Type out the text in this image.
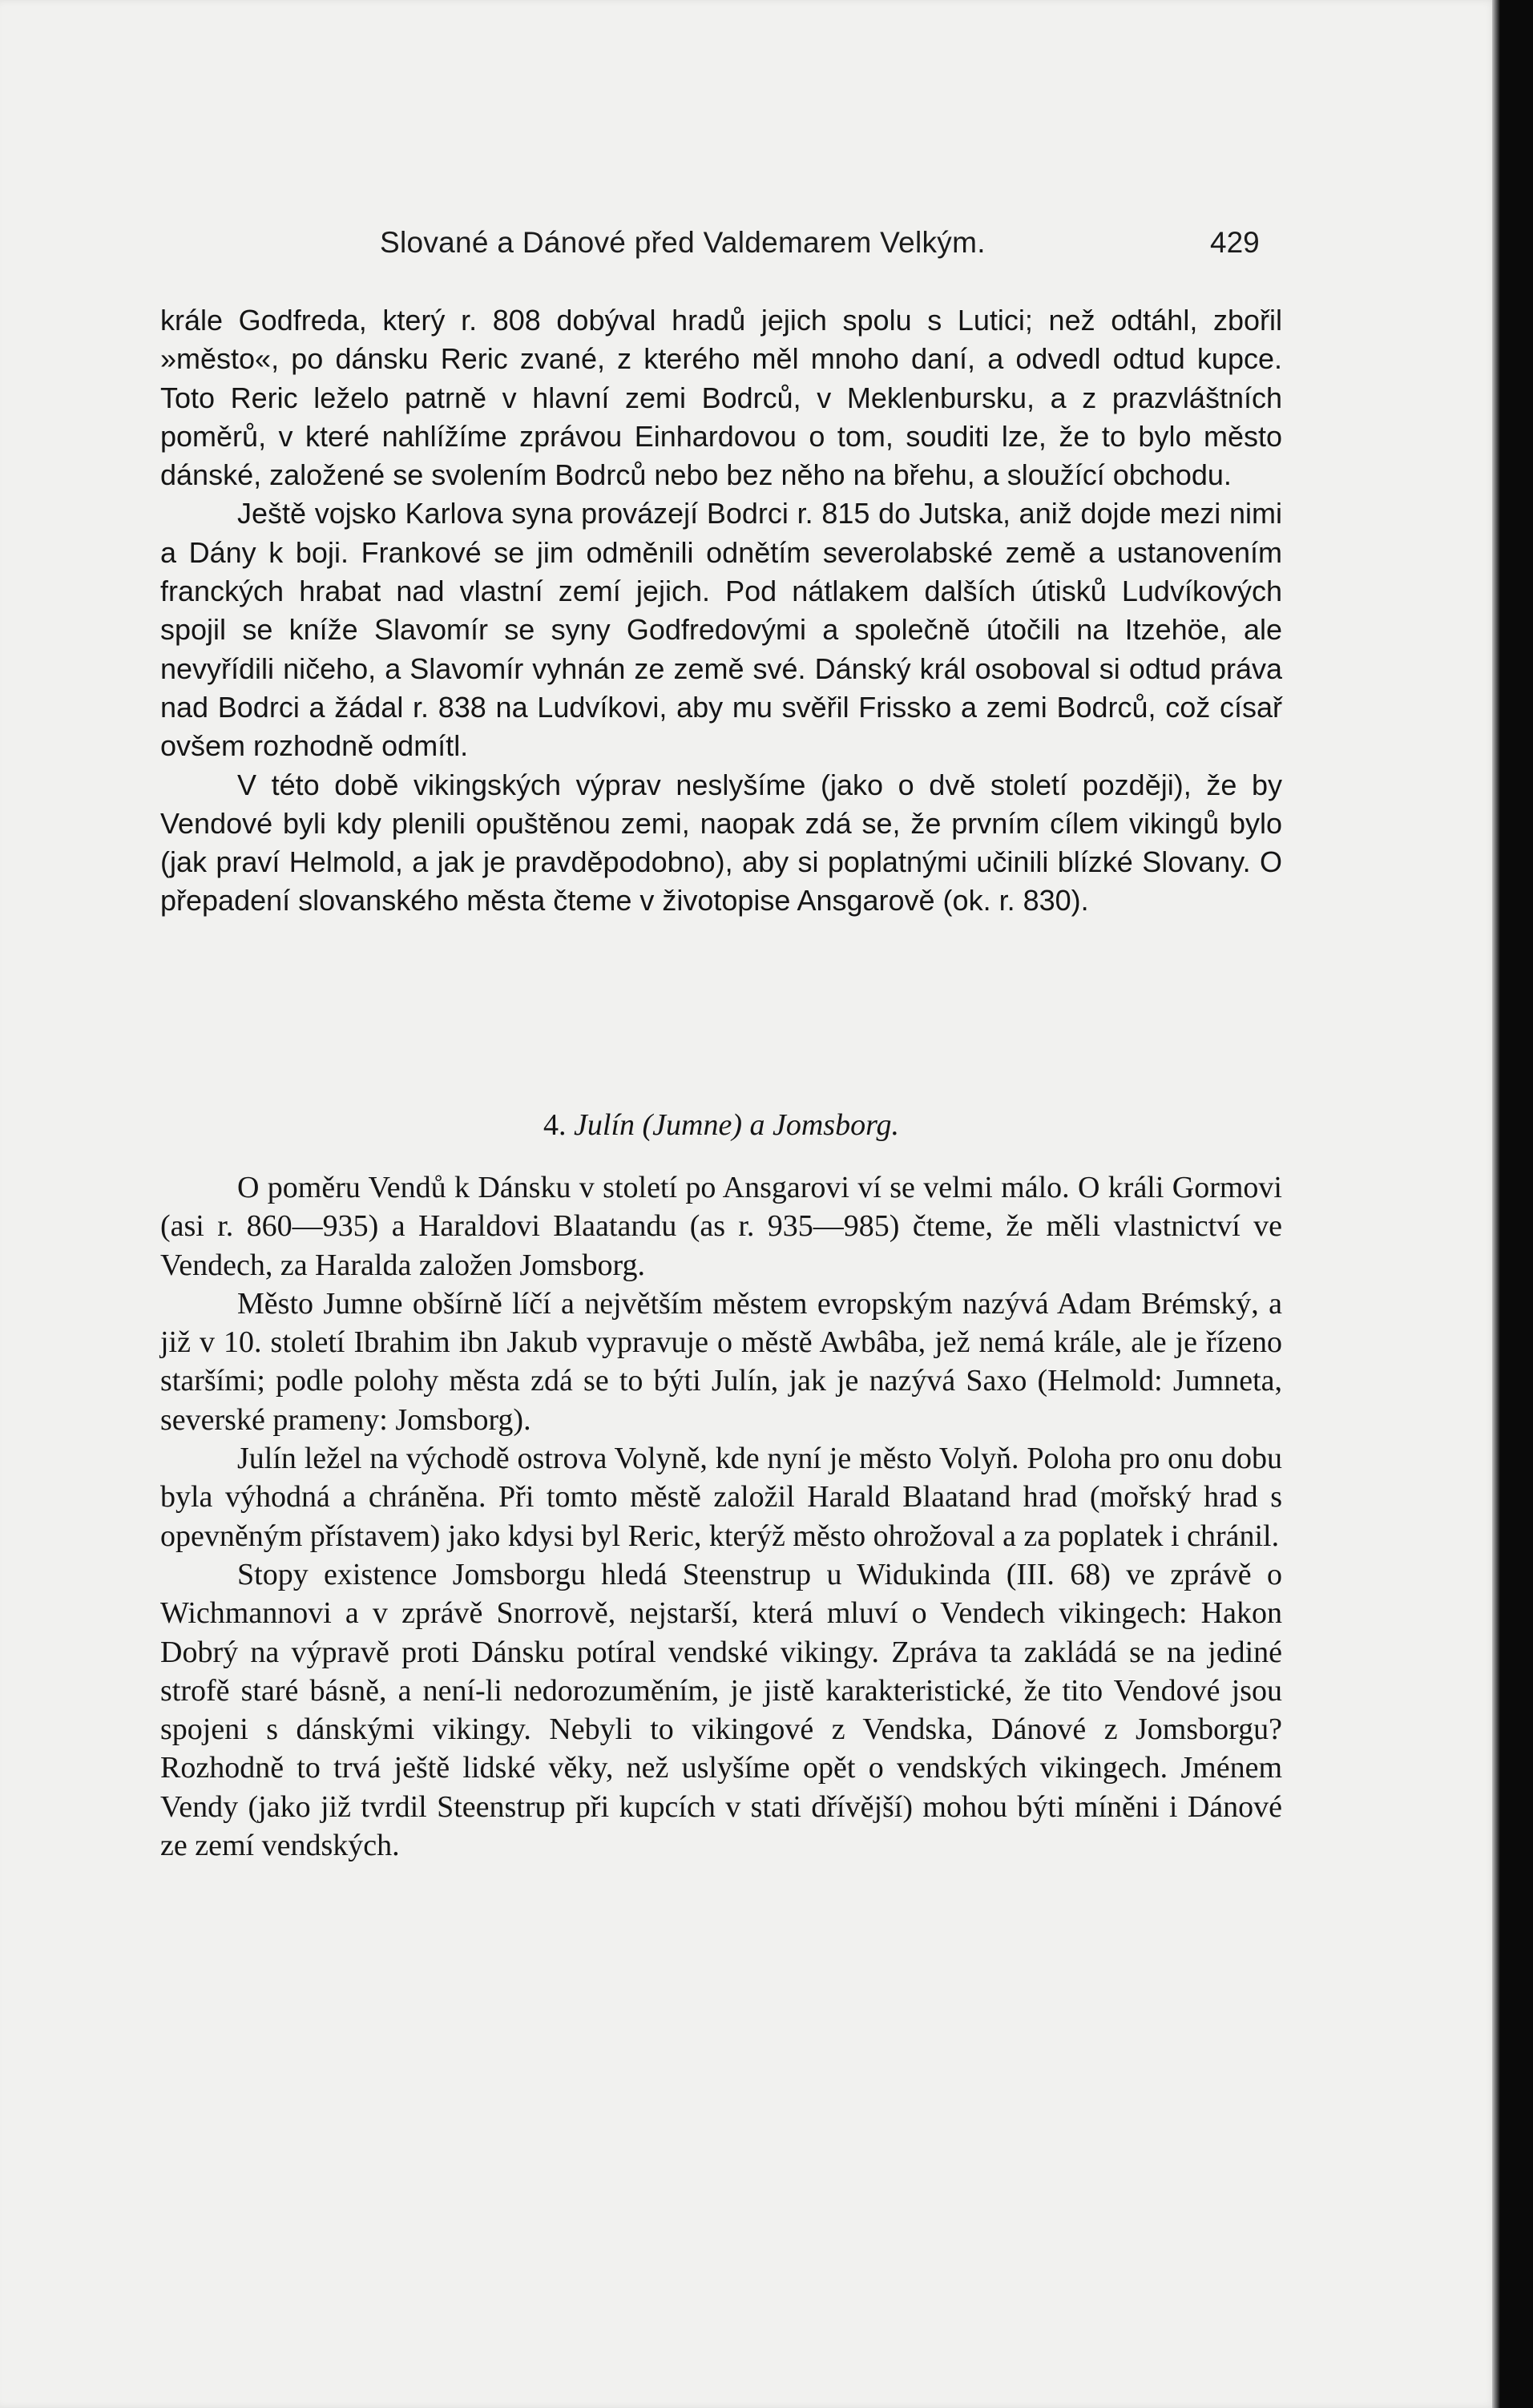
Slované a Dánové před Valdemarem Velkým.	429

krále Godfreda, který r. 808 dobýval hradů jejich spolu s Lutici; než odtáhl, zbořil »město«, po dánsku Reric zvané, z kterého měl mnoho daní, a odvedl odtud kupce. Toto Reric leželo patrně v hlavní zemi Bodrců, v Meklenbursku, a z prazvláštních poměrů, v které nahlížíme zprávou Einhardovou o tom, souditi lze, že to bylo město dánské, založené se svolením Bodrců nebo bez něho na břehu, a sloužící obchodu.

Ještě vojsko Karlova syna provázejí Bodrci r. 815 do Jutska, aniž dojde mezi nimi a Dány k boji. Frankové se jim odměnili odnětím severolabské země a ustanovením franckých hrabat nad vlastní zemí jejich. Pod nátlakem dalších útisků Ludvíkových spojil se kníže Slavomír se syny Godfredovými a společně útočili na Itzehöe, ale nevyřídili ničeho, a Slavomír vyhnán ze země své. Dánský král osoboval si odtud práva nad Bodrci a žádal r. 838 na Ludvíkovi, aby mu svěřil Frissko a zemi Bodrců, což císař ovšem rozhodně odmítl.

V této době vikingských výprav neslyšíme (jako o dvě století později), že by Vendové byli kdy plenili opuštěnou zemi, naopak zdá se, že prvním cílem vikingů bylo (jak praví Helmold, a jak je pravděpodobno), aby si poplatnými učinili blízké Slovany. O přepadení slovanského města čteme v životopise Ansgarově (ok. r. 830).

4. Julín (Jumne) a Jomsborg.

O poměru Vendů k Dánsku v století po Ansgarovi ví se velmi málo. O králi Gormovi (asi r. 860—935) a Haraldovi Blaatandu (as r. 935—985) čteme, že měli vlastnictví ve Vendech, za Haralda založen Jomsborg.

Město Jumne obšírně líčí a největším městem evropským nazývá Adam Brémský, a již v 10. století Ibrahim ibn Jakub vypravuje o městě Awbâba, jež nemá krále, ale je řízeno staršími; podle polohy města zdá se to býti Julín, jak je nazývá Saxo (Helmold: Jumneta, severské prameny: Jomsborg).

Julín ležel na východě ostrova Volyně, kde nyní je město Volyň. Poloha pro onu dobu byla výhodná a chráněna. Při tomto městě založil Harald Blaatand hrad (mořský hrad s opevněným přístavem) jako kdysi byl Reric, kterýž město ohrožoval a za poplatek i chránil.

Stopy existence Jomsborgu hledá Steenstrup u Widukinda (III. 68) ve zprávě o Wichmannovi a v zprávě Snorrově, nejstarší, která mluví o Vendech vikingech: Hakon Dobrý na výpravě proti Dánsku potíral vendské vikingy. Zpráva ta zakládá se na jediné strofě staré básně, a není-li nedorozuměním, je jistě karakteristické, že tito Vendové jsou spojeni s dánskými vikingy. Nebyli to vikingové z Vendska, Dánové z Jomsborgu? Rozhodně to trvá ještě lidské věky, než uslyšíme opět o vendských vikingech. Jménem Vendy (jako již tvrdil Steenstrup při kupcích v stati dřívější) mohou býti míněni i Dánové ze zemí vendských.
